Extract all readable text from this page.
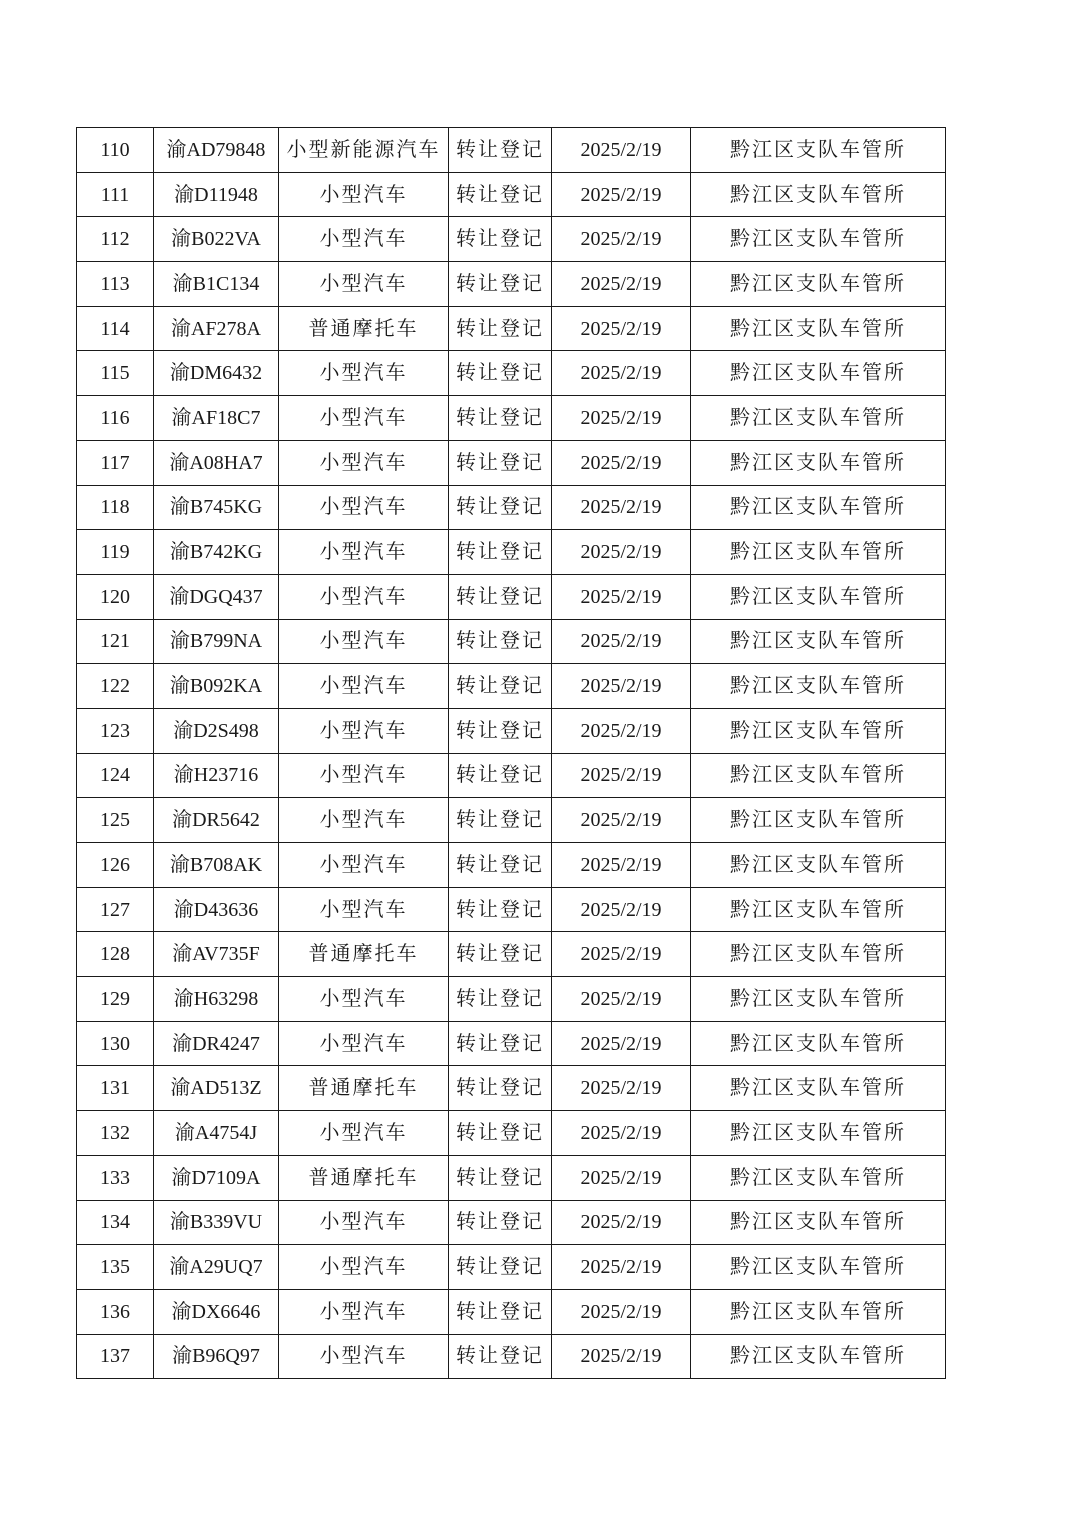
110	渝AD79848	小型新能源汽车	转让登记	2025/2/19	黔江区支队车管所
111	渝D11948	小型汽车	转让登记	2025/2/19	黔江区支队车管所
112	渝B022VA	小型汽车	转让登记	2025/2/19	黔江区支队车管所
113	渝B1C134	小型汽车	转让登记	2025/2/19	黔江区支队车管所
114	渝AF278A	普通摩托车	转让登记	2025/2/19	黔江区支队车管所
115	渝DM6432	小型汽车	转让登记	2025/2/19	黔江区支队车管所
116	渝AF18C7	小型汽车	转让登记	2025/2/19	黔江区支队车管所
117	渝A08HA7	小型汽车	转让登记	2025/2/19	黔江区支队车管所
118	渝B745KG	小型汽车	转让登记	2025/2/19	黔江区支队车管所
119	渝B742KG	小型汽车	转让登记	2025/2/19	黔江区支队车管所
120	渝DGQ437	小型汽车	转让登记	2025/2/19	黔江区支队车管所
121	渝B799NA	小型汽车	转让登记	2025/2/19	黔江区支队车管所
122	渝B092KA	小型汽车	转让登记	2025/2/19	黔江区支队车管所
123	渝D2S498	小型汽车	转让登记	2025/2/19	黔江区支队车管所
124	渝H23716	小型汽车	转让登记	2025/2/19	黔江区支队车管所
125	渝DR5642	小型汽车	转让登记	2025/2/19	黔江区支队车管所
126	渝B708AK	小型汽车	转让登记	2025/2/19	黔江区支队车管所
127	渝D43636	小型汽车	转让登记	2025/2/19	黔江区支队车管所
128	渝AV735F	普通摩托车	转让登记	2025/2/19	黔江区支队车管所
129	渝H63298	小型汽车	转让登记	2025/2/19	黔江区支队车管所
130	渝DR4247	小型汽车	转让登记	2025/2/19	黔江区支队车管所
131	渝AD513Z	普通摩托车	转让登记	2025/2/19	黔江区支队车管所
132	渝A4754J	小型汽车	转让登记	2025/2/19	黔江区支队车管所
133	渝D7109A	普通摩托车	转让登记	2025/2/19	黔江区支队车管所
134	渝B339VU	小型汽车	转让登记	2025/2/19	黔江区支队车管所
135	渝A29UQ7	小型汽车	转让登记	2025/2/19	黔江区支队车管所
136	渝DX6646	小型汽车	转让登记	2025/2/19	黔江区支队车管所
137	渝B96Q97	小型汽车	转让登记	2025/2/19	黔江区支队车管所
